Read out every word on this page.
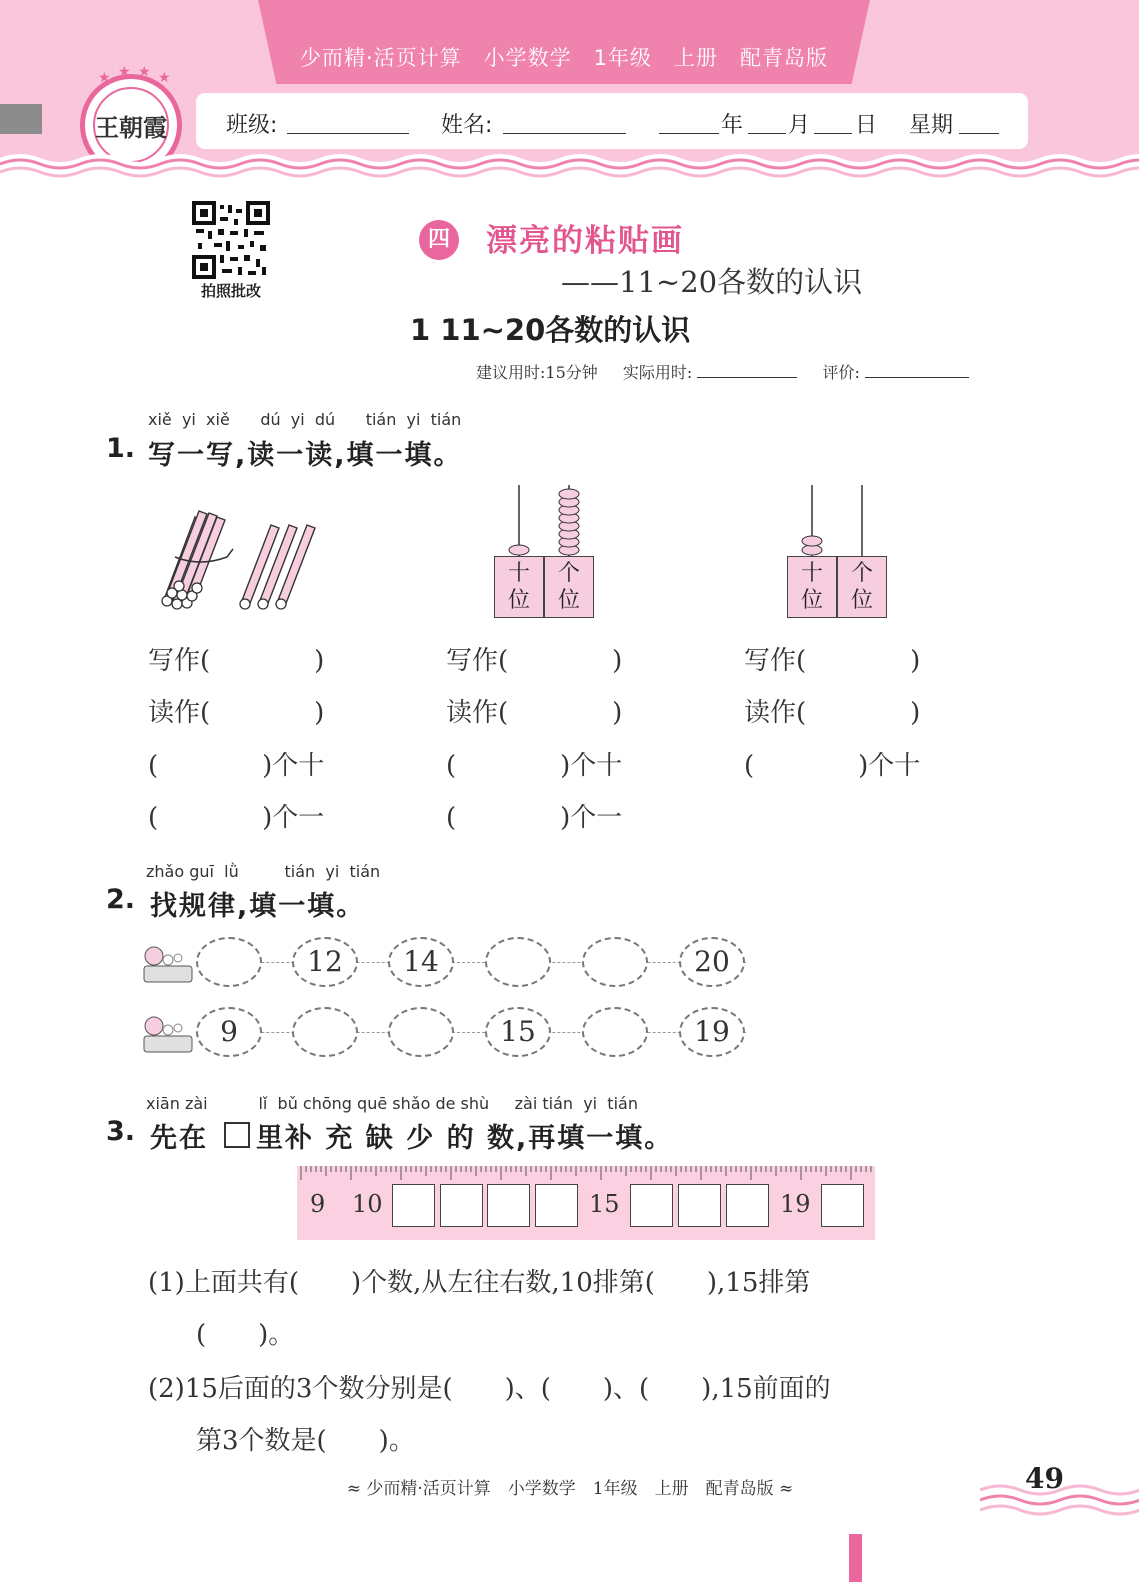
少而精·活页计算　小学数学　1年级　上册　配青岛版
王朝霞
★ ★ ★ ★
班级:	姓名:	年 月 日 星期
拍照批改
四 漂亮的粘贴画
——11~20各数的认识
1 11~20各数的认识
建议用时:15分钟 实际用时:	评价:
xiě yi xiě dú yi dú tián yi tián
1. 写一写,读一读,填一填。
十
位
个
位
十
位
个
位
写作(　　　　)	写作(　　　　)	写作(　　　　)
读作(　　　　)	读作(　　　　)	读作(　　　　)
(　　　　)个十	(　　　　)个十	(　　　　)个十
(　　　　)个一	(　　　　)个一
zhǎo guī lǜ	tián yi tián
2. 找规律,填一填。
12	14	20
9	15	19
xiān zài	lǐ bǔ chōng quē shǎo de shù zài tián yi tián
3. 先在 里补 充 缺 少 的 数,再填一填。
9 10	15	19
(1)上面共有(　　)个数,从左往右数,10排第(　　),15排第
(　　)。
(2)15后面的3个数分别是(　　)、(　　)、(　　),15前面的
第3个数是(　　)。
≈ 少而精·活页计算　小学数学　1年级　上册　配青岛版 ≈	49
